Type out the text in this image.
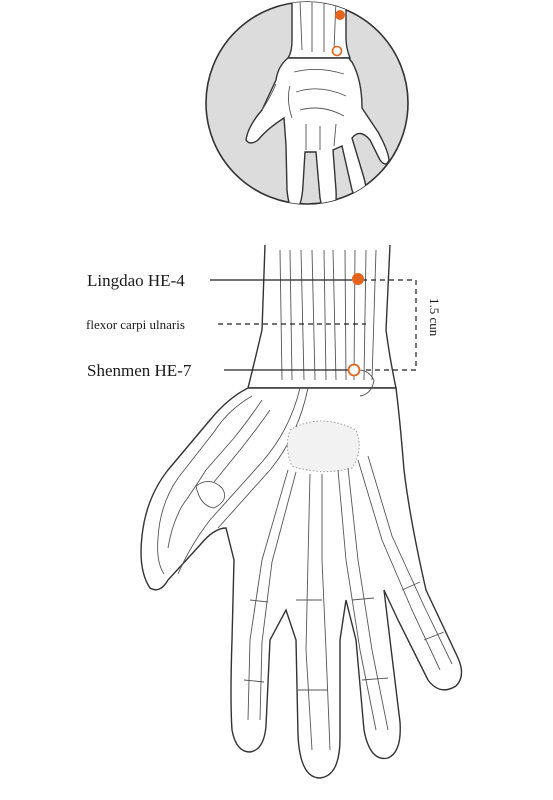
Lingdao HE-4
flexor carpi ulnaris
Shenmen HE-7
1.5 cun
